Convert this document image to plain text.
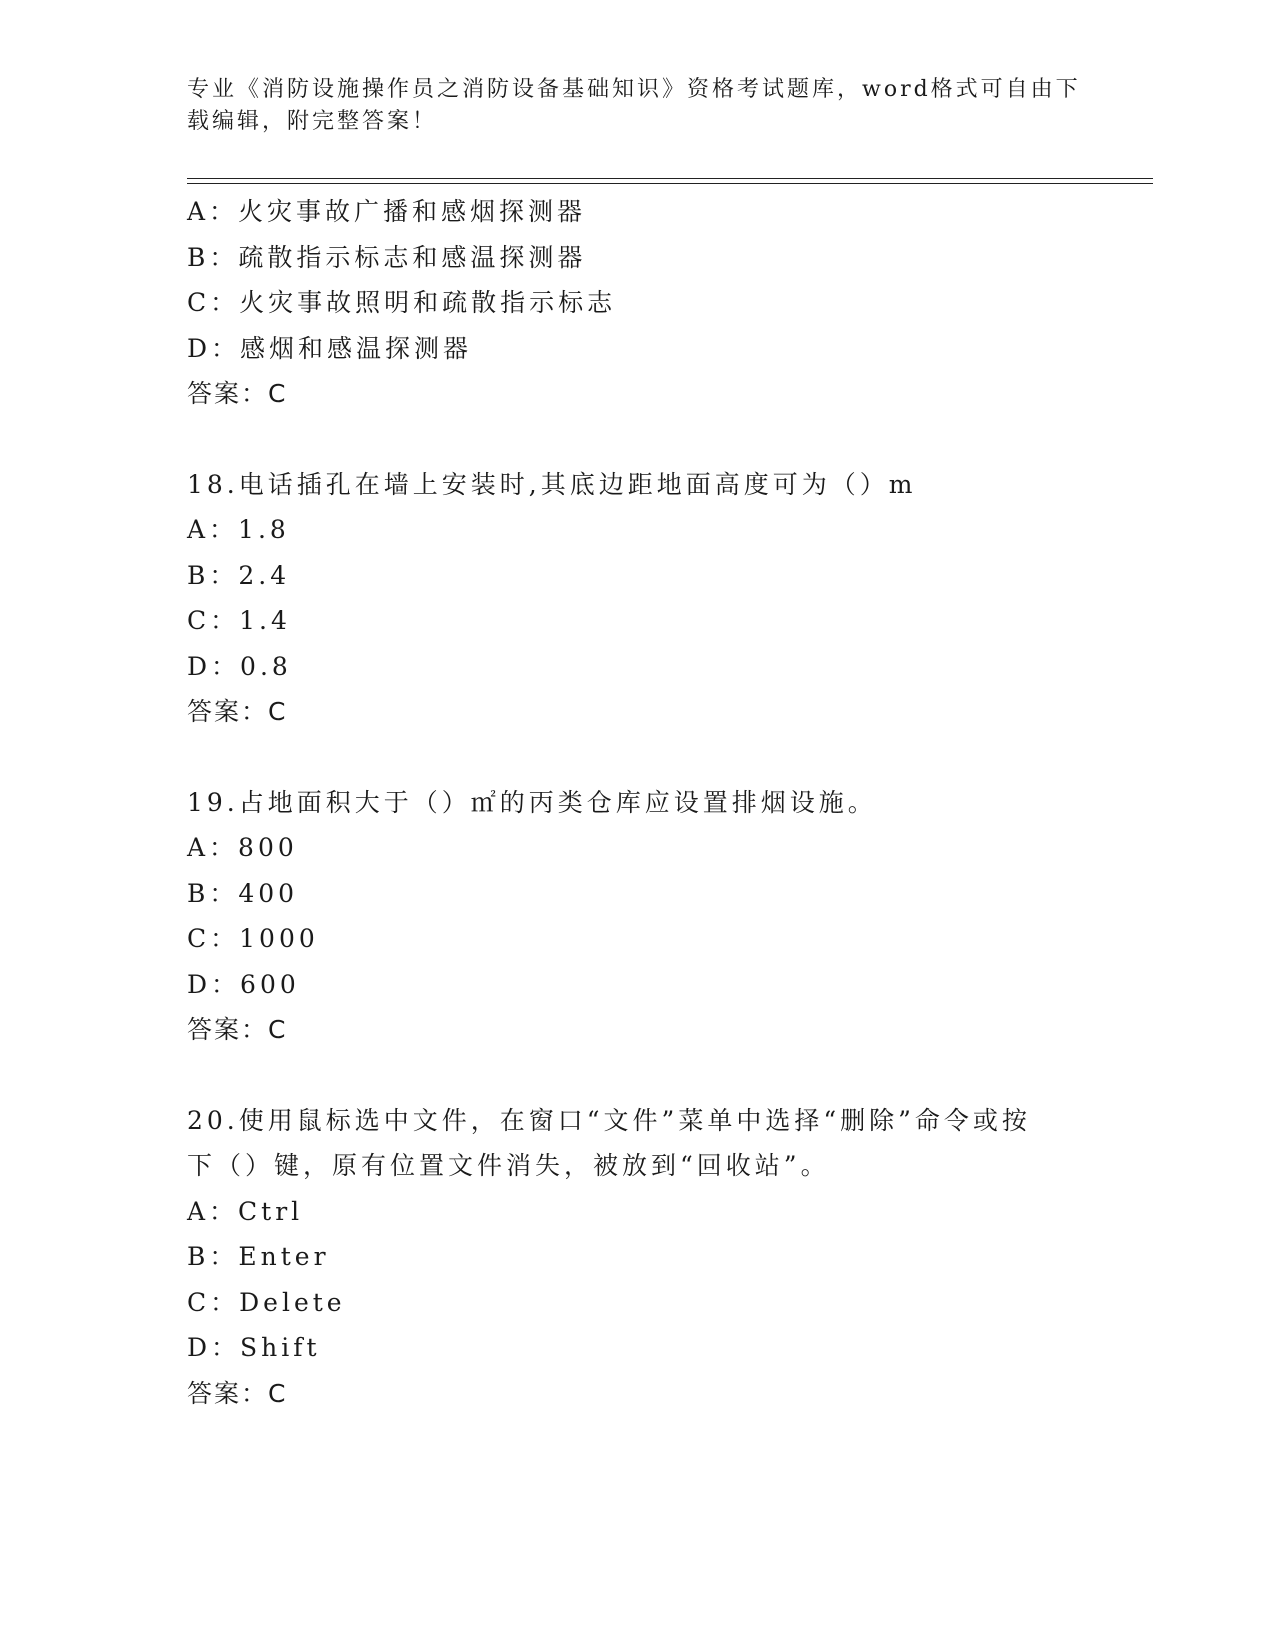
专业《消防设施操作员之消防设备基础知识》资格考试题库，word格式可自由下
载编辑，附完整答案！
A：火灾事故广播和感烟探测器
B：疏散指示标志和感温探测器
C：火灾事故照明和疏散指示标志
D：感烟和感温探测器
答案：C
18.电话插孔在墙上安装时,其底边距地面高度可为（）m
A：1.8
B：2.4
C：1.4
D：0.8
答案：C
19.占地面积大于（）㎡的丙类仓库应设置排烟设施。
A：800
B：400
C：1000
D：600
答案：C
20.使用鼠标选中文件，在窗口“文件”菜单中选择“删除”命令或按
下（）键，原有位置文件消失，被放到“回收站”。
A：Ctrl
B：Enter
C：Delete
D：Shift
答案：C
